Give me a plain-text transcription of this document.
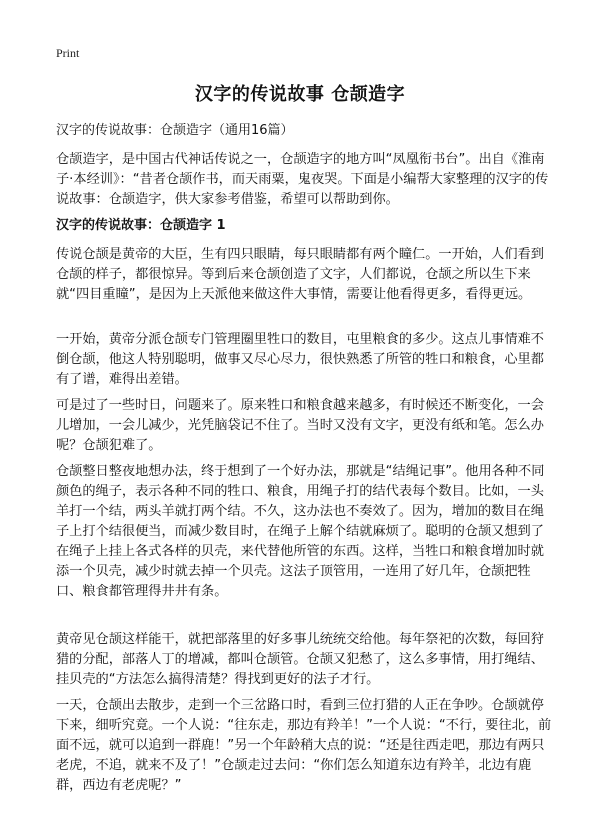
Print
汉字的传说故事 仓颉造字
汉字的传说故事：仓颉造字（通用16篇）

仓颉造字，是中国古代神话传说之一，仓颉造字的地方叫“凤凰衔书台”。出自《淮南子·本经训》：“昔者仓颉作书，而天雨粟，鬼夜哭。下面是小编帮大家整理的汉字的传说故事：仓颉造字，供大家参考借鉴，希望可以帮助到你。

汉字的传说故事：仓颉造字 1

传说仓颉是黄帝的大臣，生有四只眼睛，每只眼睛都有两个瞳仁。一开始，人们看到仓颉的样子，都很惊异。等到后来仓颉创造了文字，人们都说，仓颉之所以生下来就“四目重瞳”，是因为上天派他来做这件大事情，需要让他看得更多，看得更远。

一开始，黄帝分派仓颉专门管理圈里牲口的数目，屯里粮食的多少。这点儿事情难不倒仓颉，他这人特别聪明，做事又尽心尽力，很快熟悉了所管的牲口和粮食，心里都有了谱，难得出差错。

可是过了一些时日，问题来了。原来牲口和粮食越来越多，有时候还不断变化，一会儿增加，一会儿减少，光凭脑袋记不住了。当时又没有文字，更没有纸和笔。怎么办呢？仓颉犯难了。

仓颉整日整夜地想办法，终于想到了一个好办法，那就是“结绳记事”。他用各种不同颜色的绳子，表示各种不同的牲口、粮食，用绳子打的结代表每个数目。比如，一头羊打一个结，两头羊就打两个结。不久，这办法也不奏效了。因为，增加的数目在绳子上打个结很便当，而减少数目时，在绳子上解个结就麻烦了。聪明的仓颉又想到了在绳子上挂上各式各样的贝壳，来代替他所管的东西。这样，当牲口和粮食增加时就添一个贝壳，减少时就去掉一个贝壳。这法子顶管用，一连用了好几年，仓颉把牲口、粮食都管理得井井有条。

黄帝见仓颉这样能干，就把部落里的好多事儿统统交给他。每年祭祀的次数，每回狩猎的分配，部落人丁的增减，都叫仓颉管。仓颉又犯愁了，这么多事情，用打绳结、挂贝壳的“方法怎么搞得清楚？得找到更好的法子才行。

一天，仓颉出去散步，走到一个三岔路口时，看到三位打猎的人正在争吵。仓颉就停下来，细听究竟。一个人说：“往东走，那边有羚羊！”一个人说：“不行，要往北，前面不远，就可以追到一群鹿！”另一个年龄稍大点的说：“还是往西走吧，那边有两只老虎，不追，就来不及了！”仓颉走过去问：“你们怎么知道东边有羚羊，北边有鹿群，西边有老虎呢？”
